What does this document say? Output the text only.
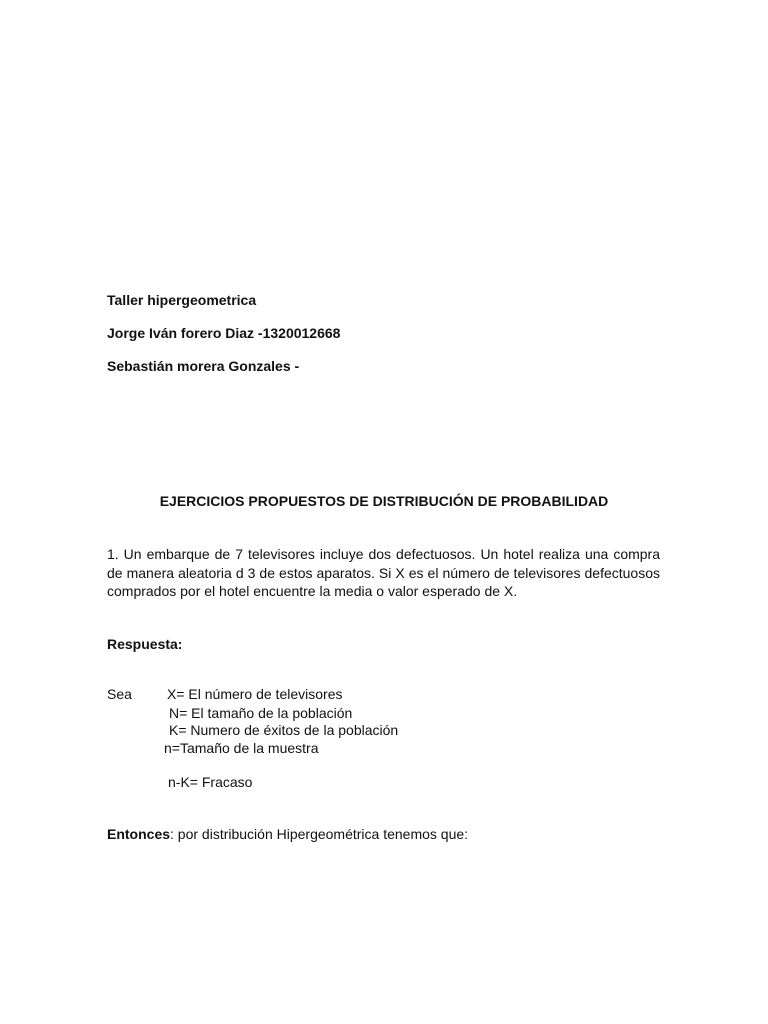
Taller hipergeometrica
Jorge Iván forero Diaz -1320012668
Sebastián morera Gonzales -
EJERCICIOS PROPUESTOS DE DISTRIBUCIÓN DE PROBABILIDAD
1. Un embarque de 7 televisores incluye dos defectuosos. Un hotel realiza una compra de manera aleatoria d 3 de estos aparatos. Si X es el número de televisores defectuosos comprados por el hotel encuentre la media o valor esperado de X.
Respuesta:
Sea	X= El número de televisores
N= El tamaño de la población
K= Numero de éxitos de la población
n=Tamaño de la muestra
n-K= Fracaso
Entonces: por distribución Hipergeométrica tenemos que:
